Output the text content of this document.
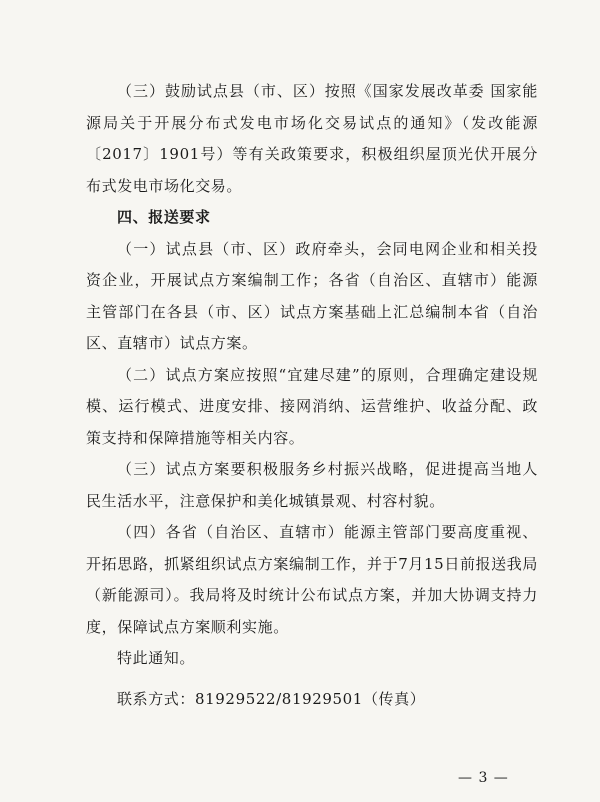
（三）鼓励试点县（市、区）按照《国家发展改革委 国家能源局关于开展分布式发电市场化交易试点的通知》（发改能源〔2017〕1901号）等有关政策要求，积极组织屋顶光伏开展分布式发电市场化交易。

四、报送要求

（一）试点县（市、区）政府牵头，会同电网企业和相关投资企业，开展试点方案编制工作；各省（自治区、直辖市）能源主管部门在各县（市、区）试点方案基础上汇总编制本省（自治区、直辖市）试点方案。

（二）试点方案应按照“宜建尽建”的原则，合理确定建设规模、运行模式、进度安排、接网消纳、运营维护、收益分配、政策支持和保障措施等相关内容。

（三）试点方案要积极服务乡村振兴战略，促进提高当地人民生活水平，注意保护和美化城镇景观、村容村貌。

（四）各省（自治区、直辖市）能源主管部门要高度重视、开拓思路，抓紧组织试点方案编制工作，并于7月15日前报送我局（新能源司）。我局将及时统计公布试点方案，并加大协调支持力度，保障试点方案顺利实施。

特此通知。

联系方式：81929522/81929501（传真）

— 3 —
